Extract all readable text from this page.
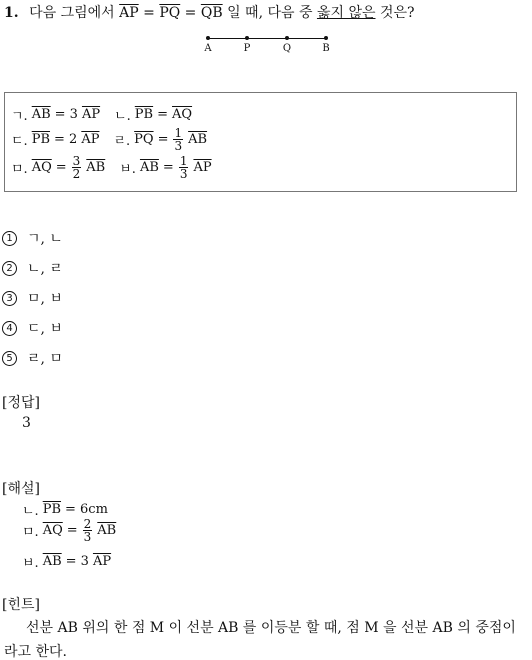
1. 다음 그림에서 $\overline{AP} = \overline{PQ} = \overline{QB}$ 일 때, 다음 중 옳지 않은 것은?
A	P	Q	B
ㄱ. $\overline{AB} = 3$ $\overline{AP}$ ㄴ. $\overline{PB} = \overline{AQ}$
ㄷ. $\overline{PB} = 2$ $\overline{AP}$ ㄹ. $\overline{PQ} = \frac{1}{3} \overline{AB}$
ㅁ. $\overline{AQ} = \frac{3}{2} \overline{AB}$ ㅂ. $\overline{AB} = \frac{1}{3} \overline{AP}$
1	ㄱ, ㄴ
2	ㄴ, ㄹ
3	ㅁ, ㅂ
4	ㄷ, ㅂ
5	ㄹ, ㅁ
[정답]
3
[해설]
ㄴ. $\overline{PB} = 6cm$
ㅁ. $\overline{AQ} = \frac{2}{3} \overline{AB}$
ㅂ. $\overline{AB} = 3$ $\overline{AP}$
[힌트]
선분 AB 위의 한 점 M 이 선분 AB 를 이등분 할 때, 점 M 을 선분 AB 의 중점이라고 한다.
